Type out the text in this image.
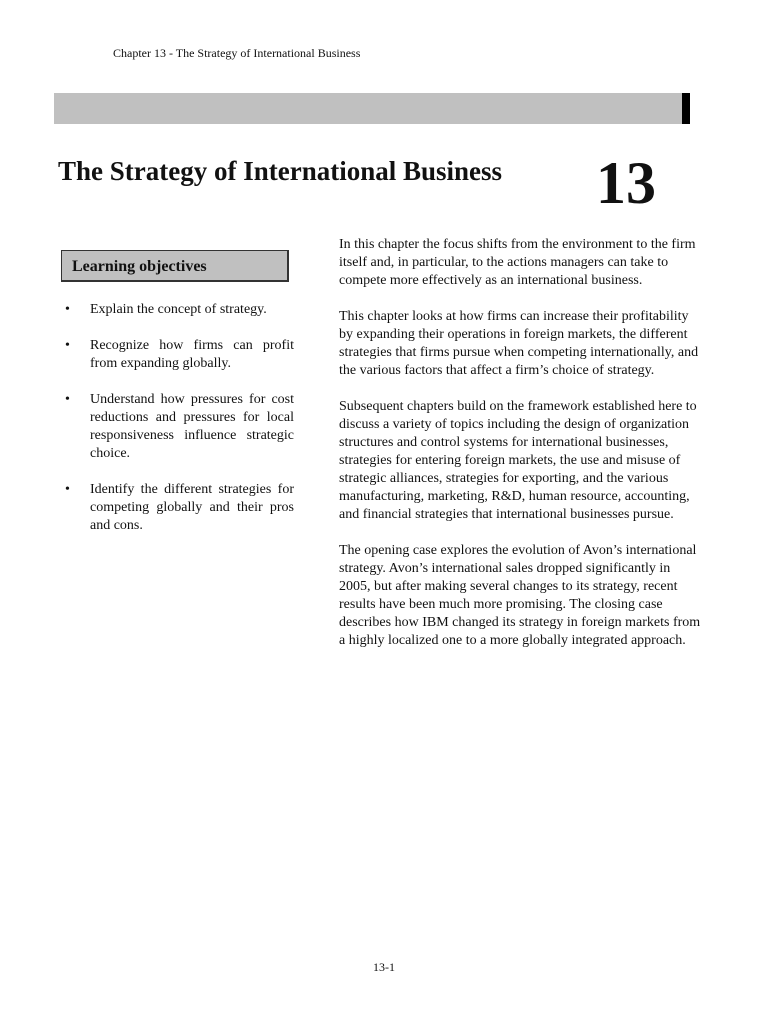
Chapter 13 - The Strategy of International Business
The Strategy of International Business 13
Learning objectives
• Explain the concept of strategy.
• Recognize how firms can profit from expanding globally.
• Understand how pressures for cost reductions and pressures for local responsiveness influence strategic choice.
• Identify the different strategies for competing globally and their pros and cons.

In this chapter the focus shifts from the environment to the firm itself and, in particular, to the actions managers can take to compete more effectively as an international business.

This chapter looks at how firms can increase their profitability by expanding their operations in foreign markets, the different strategies that firms pursue when competing internationally, and the various factors that affect a firm’s choice of strategy.

Subsequent chapters build on the framework established here to discuss a variety of topics including the design of organization structures and control systems for international businesses, strategies for entering foreign markets, the use and misuse of strategic alliances, strategies for exporting, and the various manufacturing, marketing, R&D, human resource, accounting, and financial strategies that international businesses pursue.

The opening case explores the evolution of Avon’s international strategy. Avon’s international sales dropped significantly in 2005, but after making several changes to its strategy, recent results have been much more promising. The closing case describes how IBM changed its strategy in foreign markets from a highly localized one to a more globally integrated approach.

13-1
